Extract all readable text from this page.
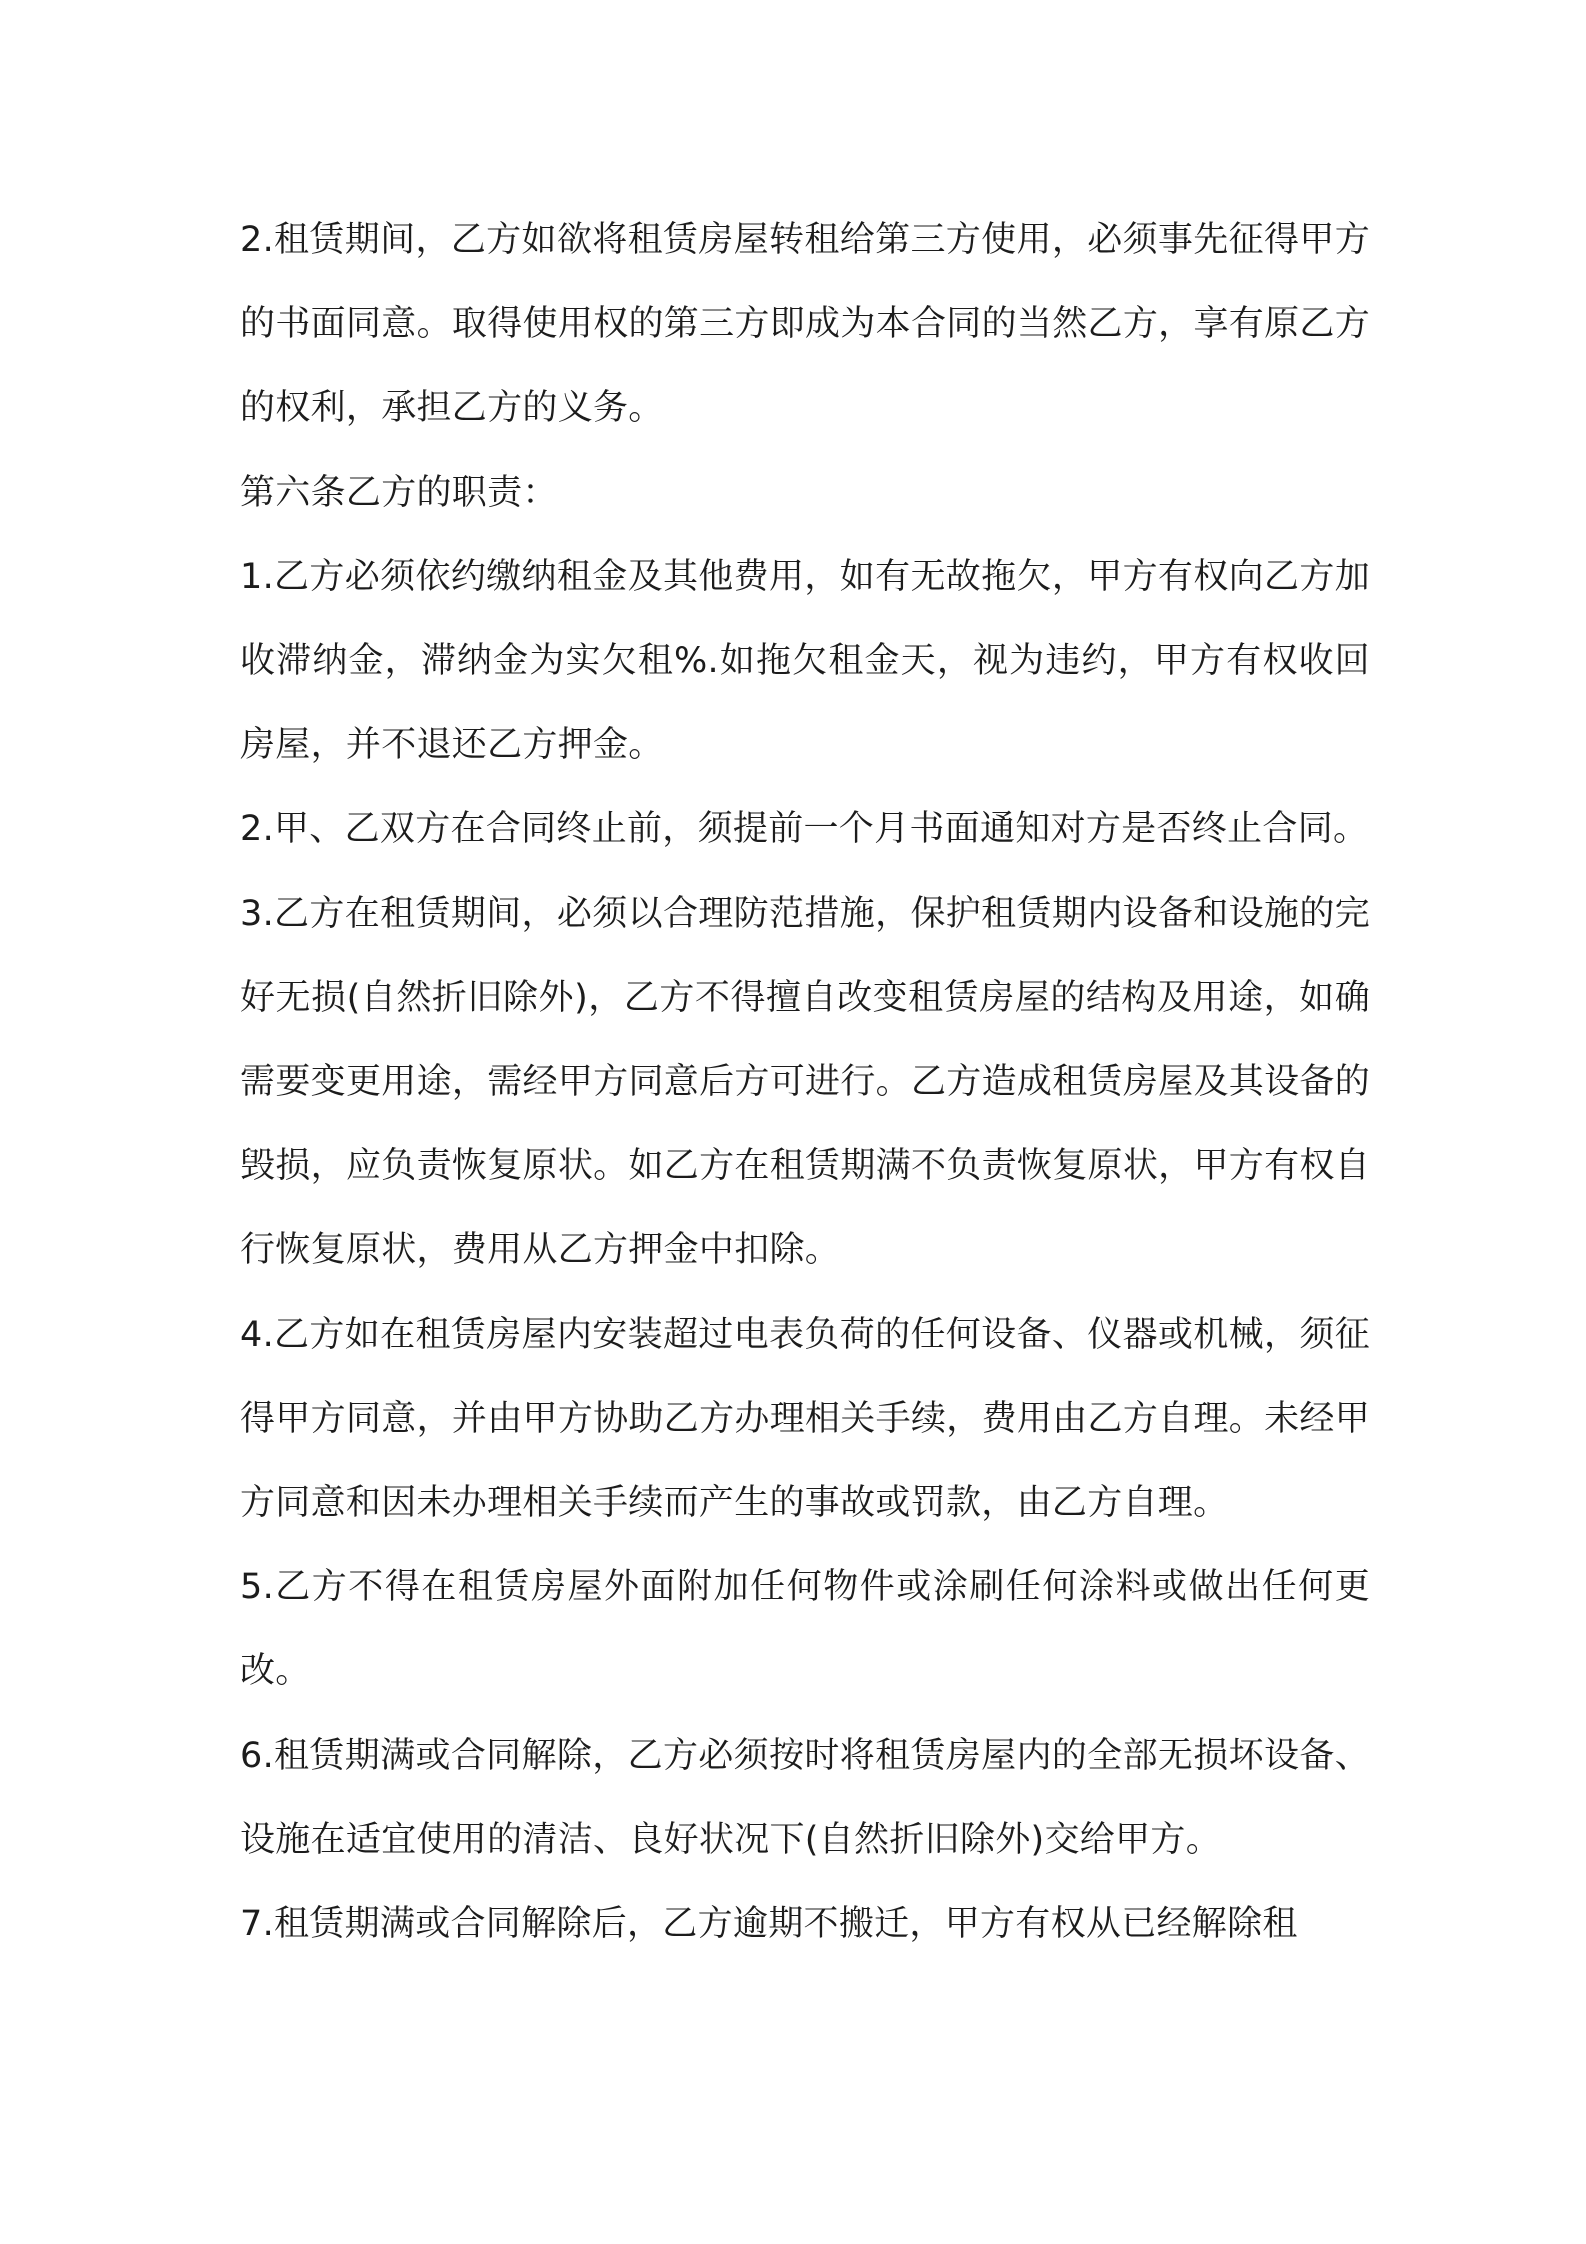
2.租赁期间，乙方如欲将租赁房屋转租给第三方使用，必须事先征得甲方的书面同意。取得使用权的第三方即成为本合同的当然乙方，享有原乙方的权利，承担乙方的义务。

第六条乙方的职责：

1.乙方必须依约缴纳租金及其他费用，如有无故拖欠，甲方有权向乙方加收滞纳金，滞纳金为实欠租%.如拖欠租金天，视为违约，甲方有权收回房屋，并不退还乙方押金。

2.甲、乙双方在合同终止前，须提前一个月书面通知对方是否终止合同。

3.乙方在租赁期间，必须以合理防范措施，保护租赁期内设备和设施的完好无损(自然折旧除外)，乙方不得擅自改变租赁房屋的结构及用途，如确需要变更用途，需经甲方同意后方可进行。乙方造成租赁房屋及其设备的毁损，应负责恢复原状。如乙方在租赁期满不负责恢复原状，甲方有权自行恢复原状，费用从乙方押金中扣除。

4.乙方如在租赁房屋内安装超过电表负荷的任何设备、仪器或机械，须征得甲方同意，并由甲方协助乙方办理相关手续，费用由乙方自理。未经甲方同意和因未办理相关手续而产生的事故或罚款，由乙方自理。

5.乙方不得在租赁房屋外面附加任何物件或涂刷任何涂料或做出任何更改。

6.租赁期满或合同解除，乙方必须按时将租赁房屋内的全部无损坏设备、设施在适宜使用的清洁、良好状况下(自然折旧除外)交给甲方。

7.租赁期满或合同解除后，乙方逾期不搬迁，甲方有权从已经解除租
